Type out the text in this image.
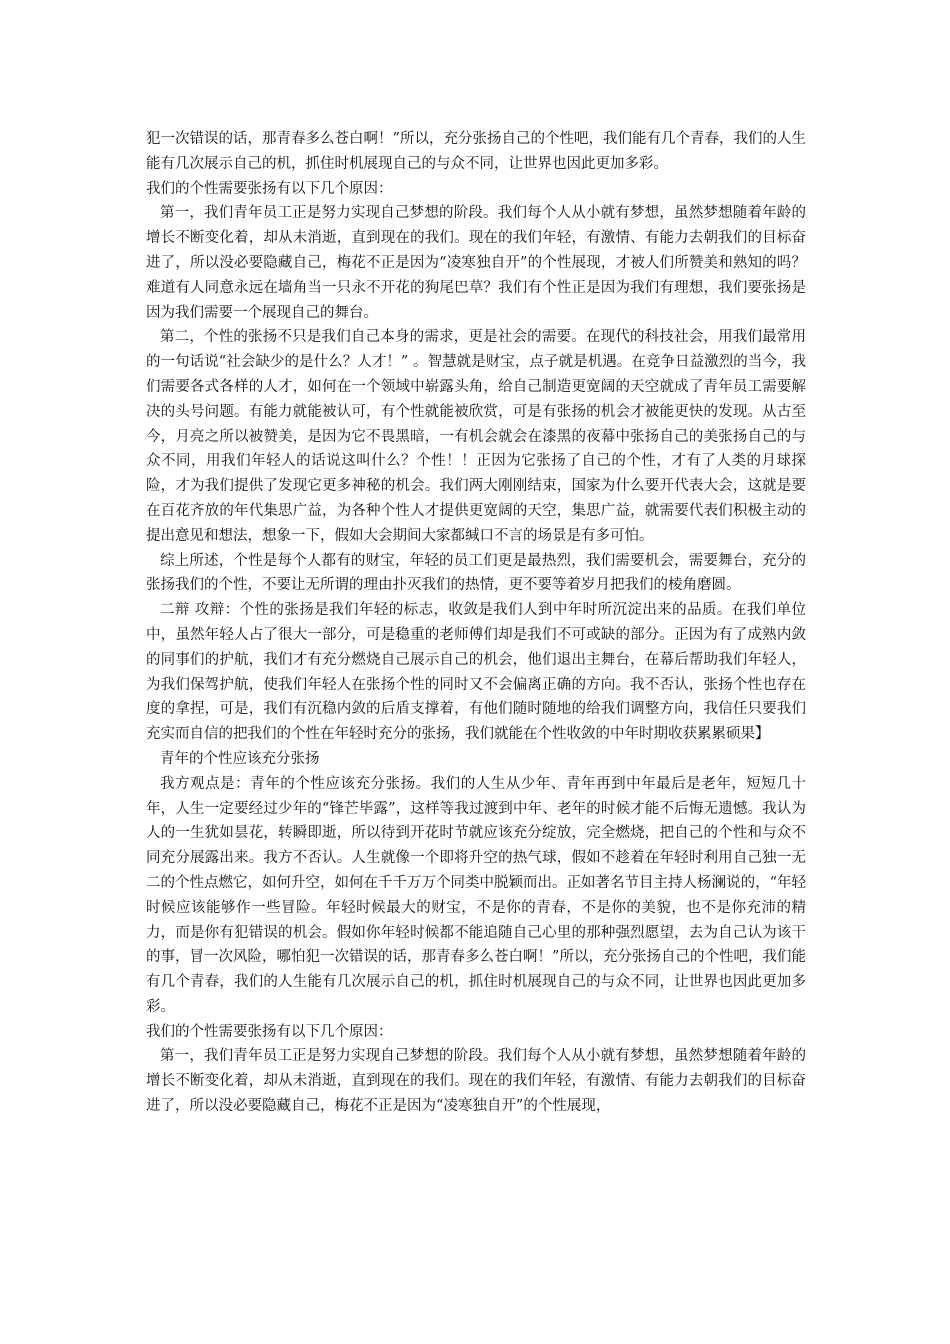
犯一次错误的话，那青春多么苍白啊！”所以，充分张扬自己的个性吧，我们能有几个青春，我们的人生能有几次展示自己的机，抓住时机展现自己的与众不同，让世界也因此更加多彩。

我们的个性需要张扬有以下几个原因：

第一，我们青年员工正是努力实现自己梦想的阶段。我们每个人从小就有梦想，虽然梦想随着年龄的增长不断变化着，却从未消逝，直到现在的我们。现在的我们年轻，有激情、有能力去朝我们的目标奋进了，所以没必要隐藏自己，梅花不正是因为“凌寒独自开”的个性展现，才被人们所赞美和熟知的吗？难道有人同意永远在墙角当一只永不开花的狗尾巴草？我们有个性正是因为我们有理想，我们要张扬是因为我们需要一个展现自己的舞台。

第二，个性的张扬不只是我们自己本身的需求，更是社会的需要。在现代的科技社会，用我们最常用的一句话说“社会缺少的是什么？人才！” 。智慧就是财宝，点子就是机遇。在竞争日益激烈的当今，我们需要各式各样的人才，如何在一个领域中崭露头角，给自己制造更宽阔的天空就成了青年员工需要解决的头号问题。有能力就能被认可，有个性就能被欣赏，可是有张扬的机会才被能更快的发现。从古至今，月亮之所以被赞美，是因为它不畏黑暗，一有机会就会在漆黑的夜幕中张扬自己的美张扬自己的与众不同，用我们年轻人的话说这叫什么？个性！！正因为它张扬了自己的个性，才有了人类的月球探险，才为我们提供了发现它更多神秘的机会。我们两大刚刚结束，国家为什么要开代表大会，这就是要在百花齐放的年代集思广益，为各种个性人才提供更宽阔的天空，集思广益，就需要代表们积极主动的提出意见和想法，想象一下，假如大会期间大家都缄口不言的场景是有多可怕。

综上所述，个性是每个人都有的财宝，年轻的员工们更是最热烈，我们需要机会，需要舞台，充分的张扬我们的个性，不要让无所谓的理由扑灭我们的热情，更不要等着岁月把我们的棱角磨圆。

二辩 攻辩：个性的张扬是我们年轻的标志，收敛是我们人到中年时所沉淀出来的品质。在我们单位中，虽然年轻人占了很大一部分，可是稳重的老师傅们却是我们不可或缺的部分。正因为有了成熟内敛的同事们的护航，我们才有充分燃烧自己展示自己的机会，他们退出主舞台，在幕后帮助我们年轻人，为我们保驾护航，使我们年轻人在张扬个性的同时又不会偏离正确的方向。我不否认，张扬个性也存在度的拿捏，可是，我们有沉稳内敛的后盾支撑着，有他们随时随地的给我们调整方向，我信任只要我们充实而自信的把我们的个性在年轻时充分的张扬，我们就能在个性收敛的中年时期收获累累硕果】

青年的个性应该充分张扬

我方观点是：青年的个性应该充分张扬。我们的人生从少年、青年再到中年最后是老年，短短几十年，人生一定要经过少年的“锋芒毕露”，这样等我过渡到中年、老年的时候才能不后悔无遗憾。我认为人的一生犹如昙花，转瞬即逝，所以待到开花时节就应该充分绽放，完全燃烧，把自己的个性和与众不同充分展露出来。我方不否认。人生就像一个即将升空的热气球，假如不趁着在年轻时利用自己独一无二的个性点燃它，如何升空，如何在千千万万个同类中脱颖而出。正如著名节目主持人杨澜说的，“年轻时候应该能够作一些冒险。年轻时候最大的财宝，不是你的青春，不是你的美貌，也不是你充沛的精力，而是你有犯错误的机会。假如你年轻时候都不能追随自己心里的那种强烈愿望，去为自己认为该干的事，冒一次风险，哪怕犯一次错误的话，那青春多么苍白啊！”所以，充分张扬自己的个性吧，我们能有几个青春，我们的人生能有几次展示自己的机，抓住时机展现自己的与众不同，让世界也因此更加多彩。

我们的个性需要张扬有以下几个原因：

第一，我们青年员工正是努力实现自己梦想的阶段。我们每个人从小就有梦想，虽然梦想随着年龄的增长不断变化着，却从未消逝，直到现在的我们。现在的我们年轻，有激情、有能力去朝我们的目标奋进了，所以没必要隐藏自己，梅花不正是因为“凌寒独自开”的个性展现，
